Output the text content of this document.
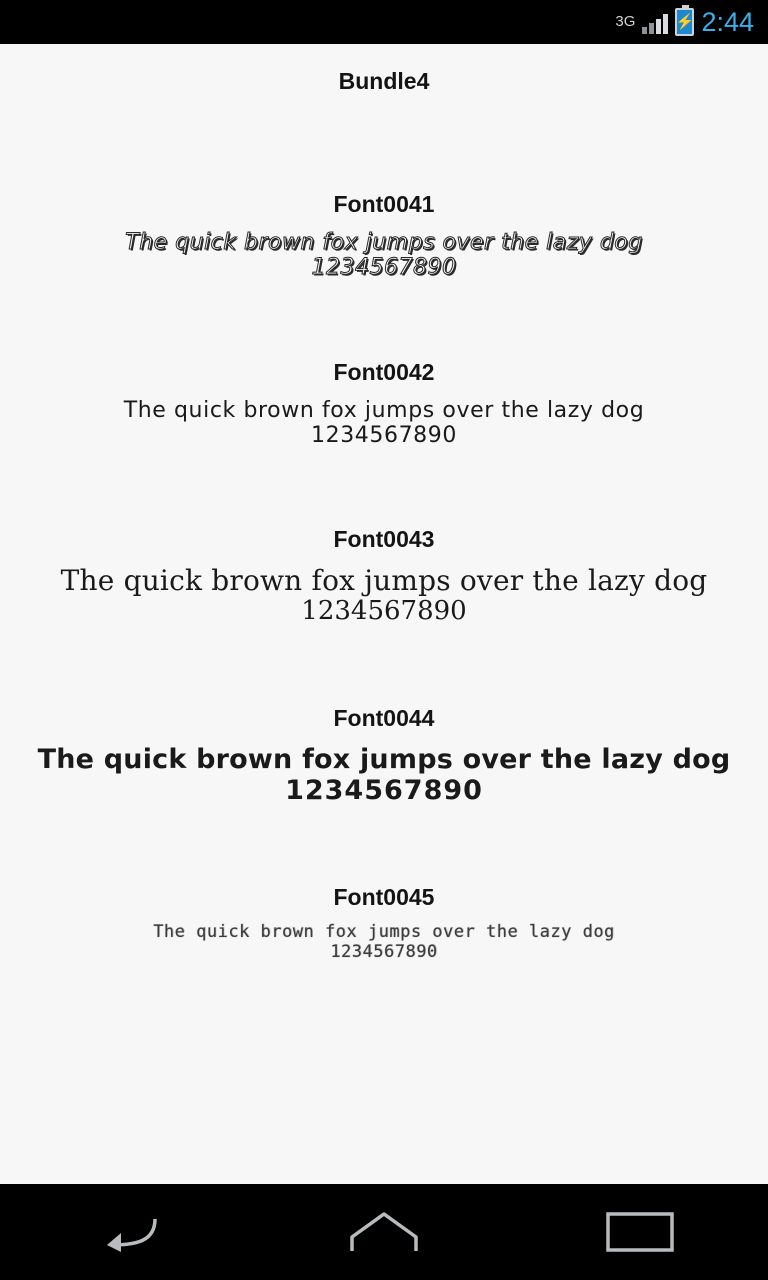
3G	⚡ 2:44
Bundle4
Font0041
The quick brown fox jumps over the lazy dog
1234567890
Font0042
The quick brown fox jumps over the lazy dog
1234567890
Font0043
The quick brown fox jumps over the lazy dog
1234567890
Font0044
The quick brown fox jumps over the lazy dog
1234567890
Font0045
The quick brown fox jumps over the lazy dog
1234567890
